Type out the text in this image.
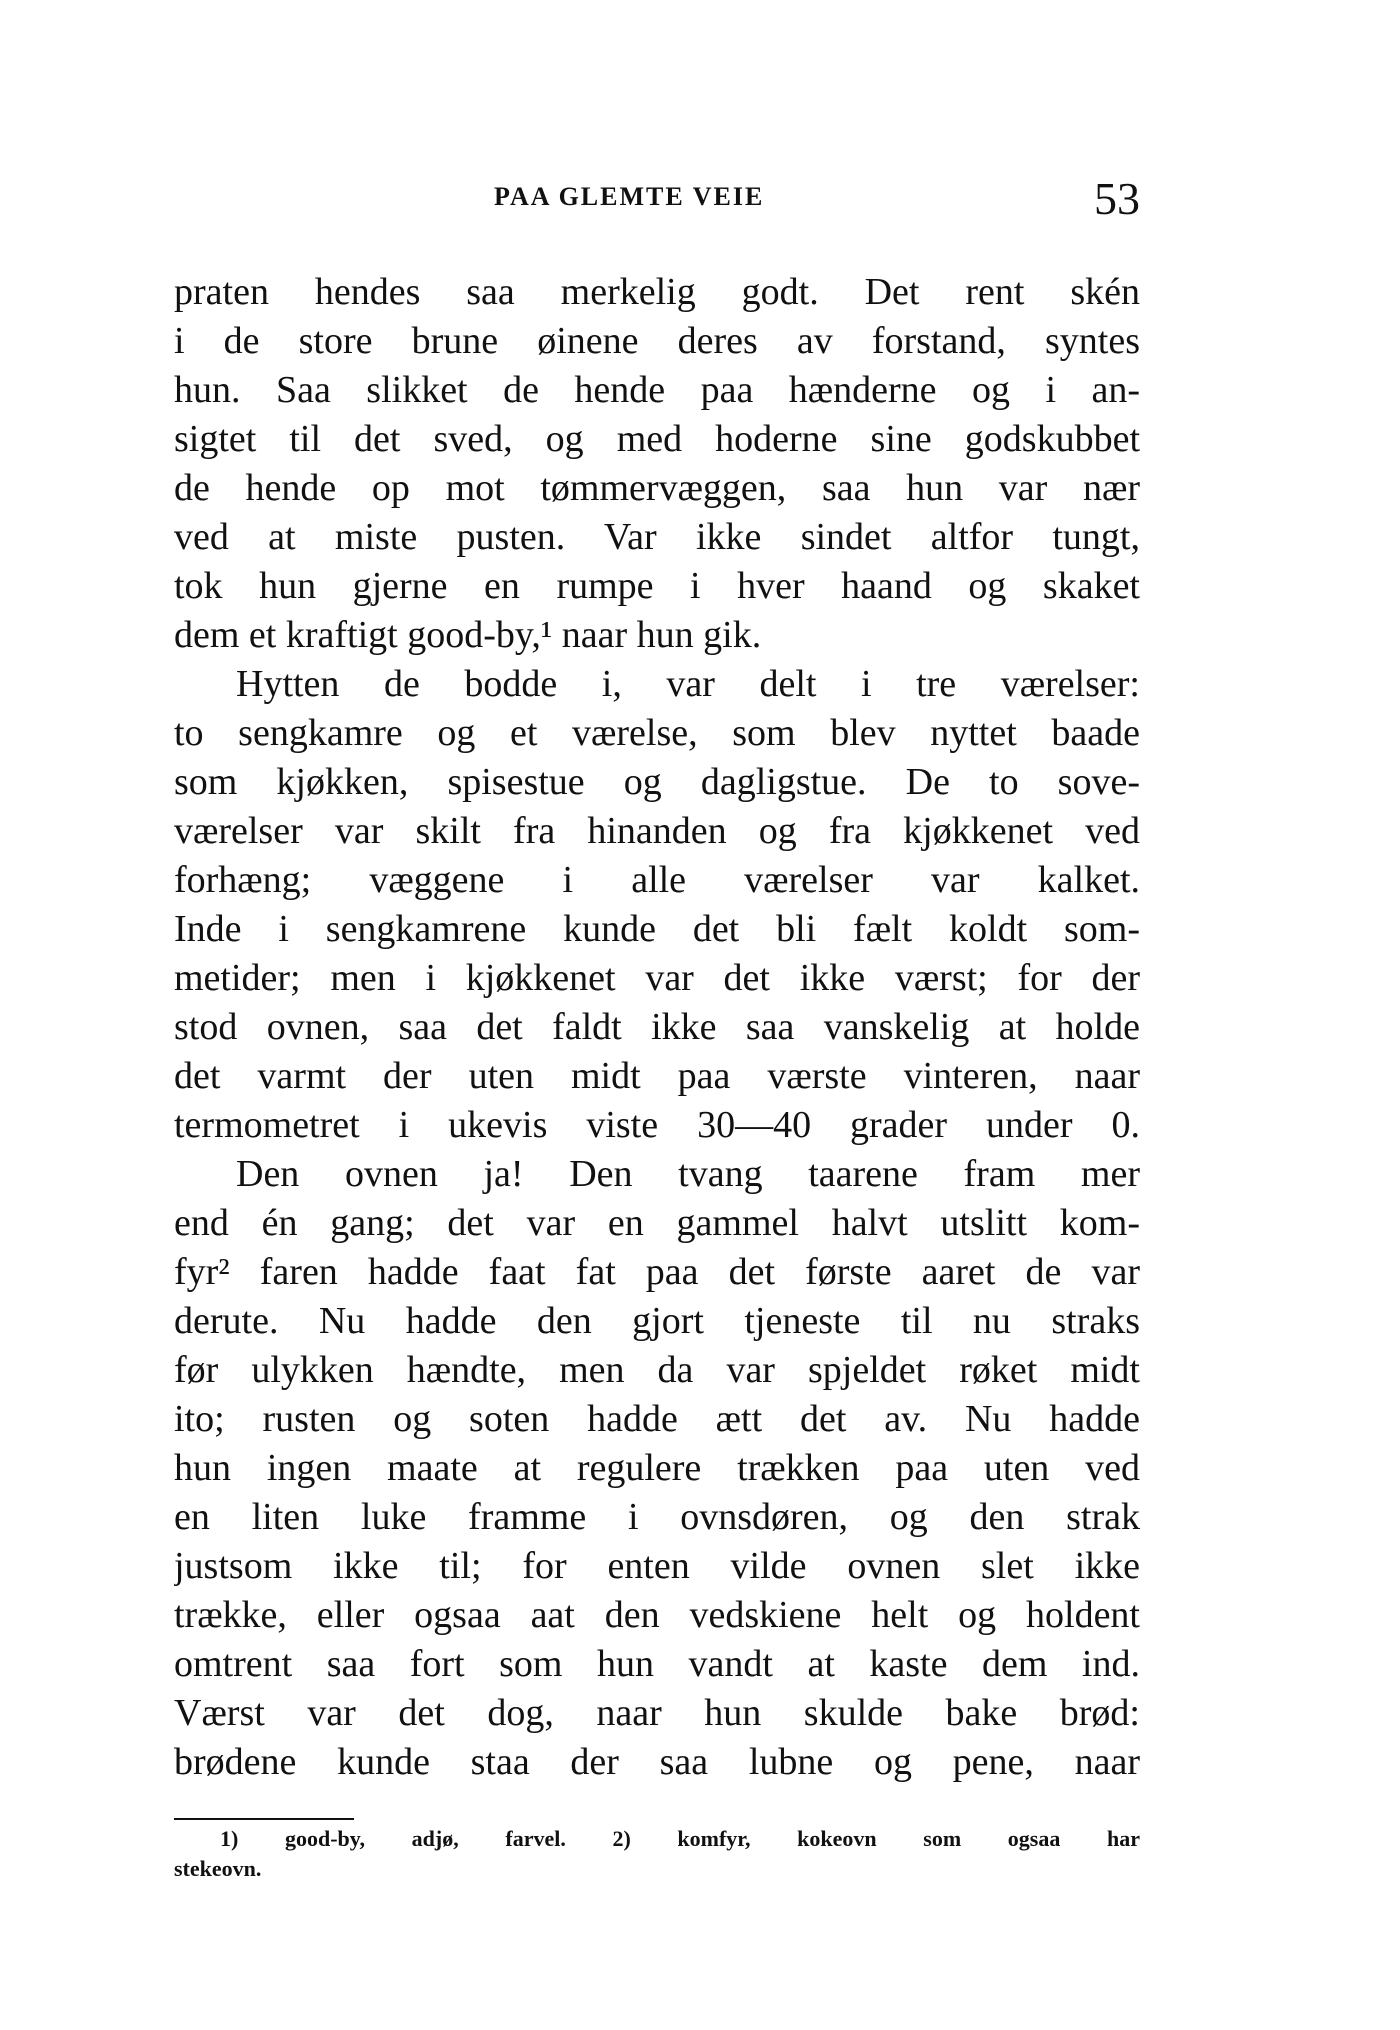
PAA GLEMTE VEIE	53
praten hendes saa merkelig godt. Det rent skén
i de store brune øinene deres av forstand, syntes
hun. Saa slikket de hende paa hænderne og i an-
sigtet til det sved, og med hoderne sine godskubbet
de hende op mot tømmervæggen, saa hun var nær
ved at miste pusten. Var ikke sindet altfor tungt,
tok hun gjerne en rumpe i hver haand og skaket
dem et kraftigt good-by,¹ naar hun gik.
Hytten de bodde i, var delt i tre værelser:
to sengkamre og et værelse, som blev nyttet baade
som kjøkken, spisestue og dagligstue. De to sove-
værelser var skilt fra hinanden og fra kjøkkenet ved
forhæng; væggene i alle værelser var kalket.
Inde i sengkamrene kunde det bli fælt koldt som-
metider; men i kjøkkenet var det ikke værst; for der
stod ovnen, saa det faldt ikke saa vanskelig at holde
det varmt der uten midt paa værste vinteren, naar
termometret i ukevis viste 30—40 grader under 0.
Den ovnen ja! Den tvang taarene fram mer
end én gang; det var en gammel halvt utslitt kom-
fyr² faren hadde faat fat paa det første aaret de var
derute. Nu hadde den gjort tjeneste til nu straks
før ulykken hændte, men da var spjeldet røket midt
ito; rusten og soten hadde ætt det av. Nu hadde
hun ingen maate at regulere trækken paa uten ved
en liten luke framme i ovnsdøren, og den strak
justsom ikke til; for enten vilde ovnen slet ikke
trække, eller ogsaa aat den vedskiene helt og holdent
omtrent saa fort som hun vandt at kaste dem ind.
Værst var det dog, naar hun skulde bake brød:
brødene kunde staa der saa lubne og pene, naar
1) good-by, adjø, farvel. 2) komfyr, kokeovn som ogsaa har
stekeovn.
